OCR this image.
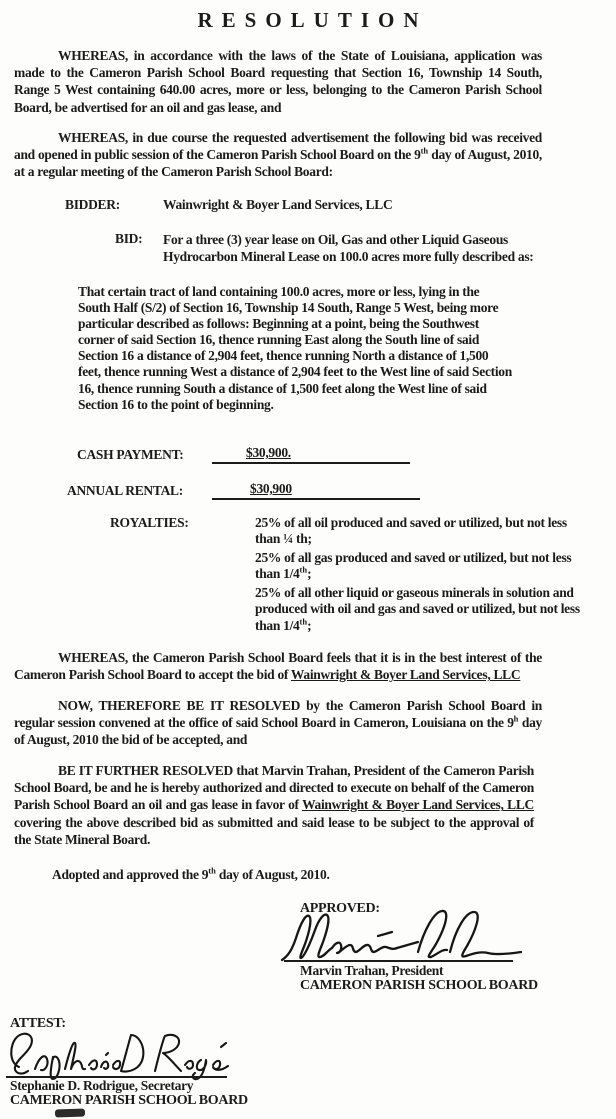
RESOLUTION
WHEREAS, in accordance with the laws of the State of Louisiana, application was made to the Cameron Parish School Board requesting that Section 16, Township 14 South, Range 5 West containing 640.00 acres, more or less, belonging to the Cameron Parish School Board, be advertised for an oil and gas lease, and
WHEREAS, in due course the requested advertisement the following bid was received and opened in public session of the Cameron Parish School Board on the 9th day of August, 2010, at a regular meeting of the Cameron Parish School Board:
BIDDER:	Wainwright & Boyer Land Services, LLC
BID: For a three (3) year lease on Oil, Gas and other Liquid Gaseous Hydrocarbon Mineral Lease on 100.0 acres more fully described as:
That certain tract of land containing 100.0 acres, more or less, lying in the South Half (S/2) of Section 16, Township 14 South, Range 5 West, being more particular described as follows: Beginning at a point, being the Southwest corner of said Section 16, thence running East along the South line of said Section 16 a distance of 2,904 feet, thence running North a distance of 1,500 feet, thence running West a distance of 2,904 feet to the West line of said Section 16, thence running South a distance of 1,500 feet along the West line of said Section 16 to the point of beginning.
CASH PAYMENT:	$30,900.
ANNUAL RENTAL:	$30,900
ROYALTIES:	25% of all oil produced and saved or utilized, but not less than ¼ th;
25% of all gas produced and saved or utilized, but not less than 1/4th;
25% of all other liquid or gaseous minerals in solution and produced with oil and gas and saved or utilized, but not less than 1/4th;
WHEREAS, the Cameron Parish School Board feels that it is in the best interest of the Cameron Parish School Board to accept the bid of Wainwright & Boyer Land Services, LLC
NOW, THEREFORE BE IT RESOLVED by the Cameron Parish School Board in regular session convened at the office of said School Board in Cameron, Louisiana on the 9$^h$ day of August, 2010 the bid of be accepted, and
BE IT FURTHER RESOLVED that Marvin Trahan, President of the Cameron Parish School Board, be and he is hereby authorized and directed to execute on behalf of the Cameron Parish School Board an oil and gas lease in favor of Wainwright & Boyer Land Services, LLC covering the above described bid as submitted and said lease to be subject to the approval of the State Mineral Board.
Adopted and approved the 9th day of August, 2010.
APPROVED:
Marvin Trahan, President
CAMERON PARISH SCHOOL BOARD
ATTEST:
Stephanie D. Rodrigue, Secretary
CAMERON PARISH SCHOOL BOARD
